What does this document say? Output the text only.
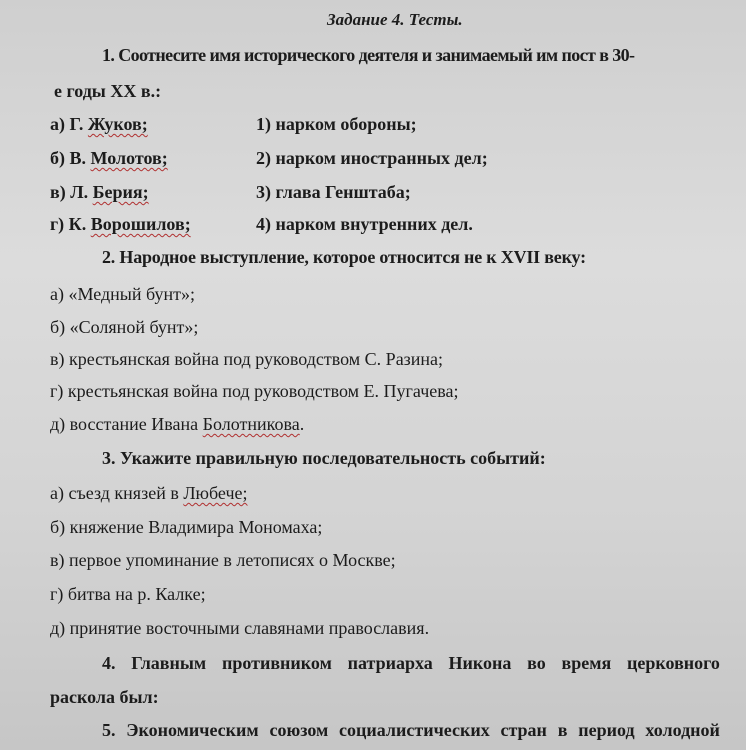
Задание 4. Тесты.
1. Соотнесите имя исторического деятеля и занимаемый им пост в 30-
е годы XX в.:
а) Г. Жуков;
б) В. Молотов;
в) Л. Берия;
г) К. Ворошилов;
1) нарком обороны;
2) нарком иностранных дел;
3) глава Генштаба;
4) нарком внутренних дел.
2. Народное выступление, которое относится не к XVII веку:
а) «Медный бунт»;
б) «Соляной бунт»;
в) крестьянская война под руководством С. Разина;
г) крестьянская война под руководством Е. Пугачева;
д) восстание Ивана Болотникова.
3. Укажите правильную последовательность событий:
а) съезд князей в Любече;
б) княжение Владимира Мономаха;
в) первое упоминание в летописях о Москве;
г) битва на р. Калке;
д) принятие восточными славянами православия.
4. Главным противником патриарха Никона во время церковного
раскола был:
5. Экономическим союзом социалистических стран в период холодной
